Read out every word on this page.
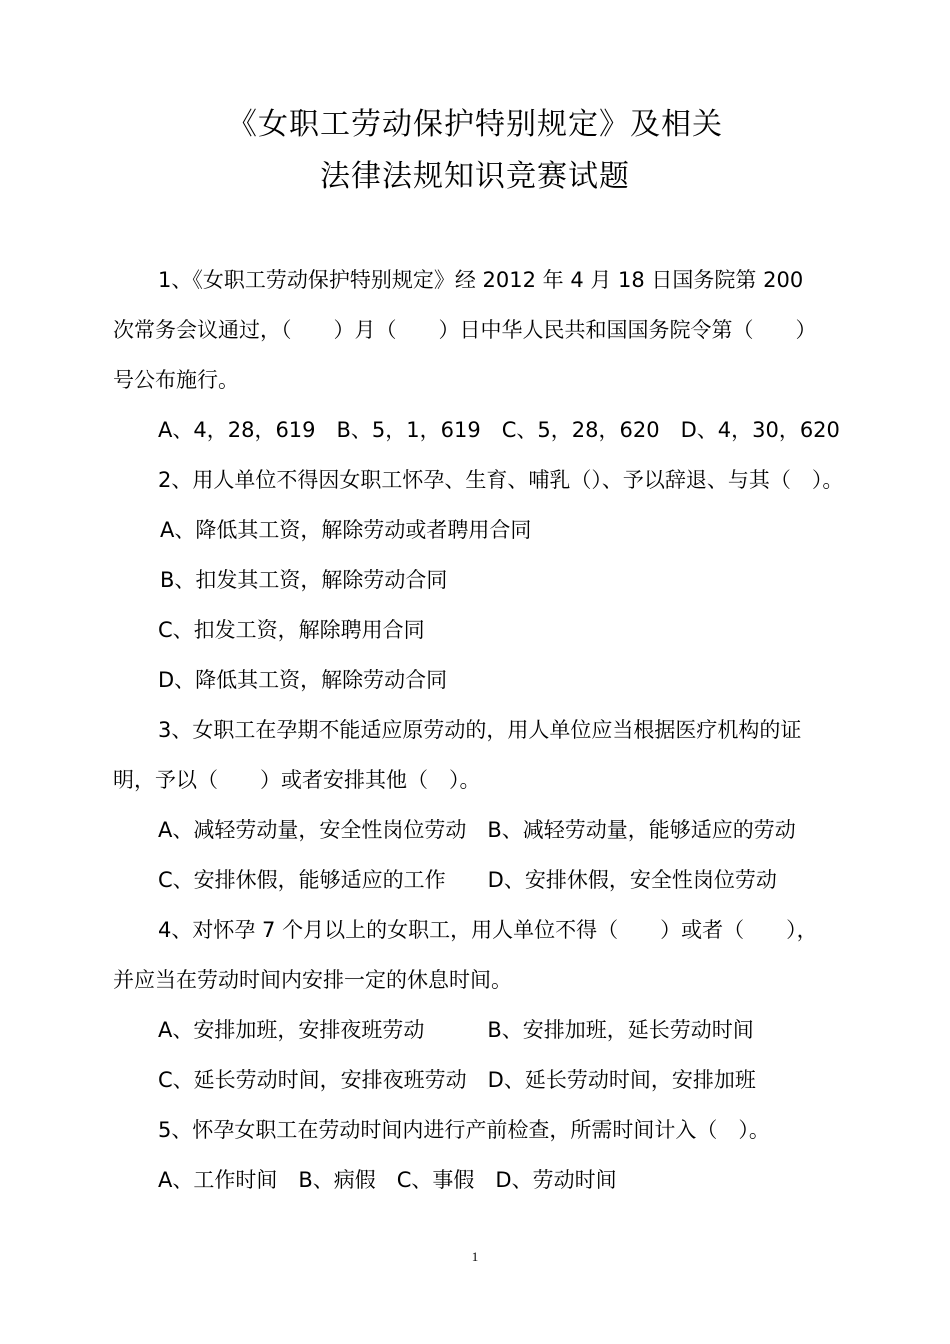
《女职工劳动保护特别规定》及相关
法律法规知识竞赛试题
1、《女职工劳动保护特别规定》经 2012 年 4 月 18 日国务院第 200
次常务会议通过，（　　）月（　　）日中华人民共和国国务院令第（　　）
号公布施行。
A、4，28，619　B、5，1，619　C、5，28，620　D、4，30，620
2、用人单位不得因女职工怀孕、生育、哺乳（）、予以辞退、与其（　）。
A、降低其工资，解除劳动或者聘用合同
B、扣发其工资，解除劳动合同
C、扣发工资，解除聘用合同
D、降低其工资，解除劳动合同
3、女职工在孕期不能适应原劳动的，用人单位应当根据医疗机构的证
明，予以（　　）或者安排其他（　）。
A、减轻劳动量，安全性岗位劳动　B、减轻劳动量，能够适应的劳动
C、安排休假，能够适应的工作　　D、安排休假，安全性岗位劳动
4、对怀孕 7 个月以上的女职工，用人单位不得（　　）或者（　　），
并应当在劳动时间内安排一定的休息时间。
A、安排加班，安排夜班劳动　　　B、安排加班，延长劳动时间
C、延长劳动时间，安排夜班劳动　D、延长劳动时间，安排加班
5、怀孕女职工在劳动时间内进行产前检查，所需时间计入（　）。
A、工作时间　B、病假　C、事假　D、劳动时间
1
